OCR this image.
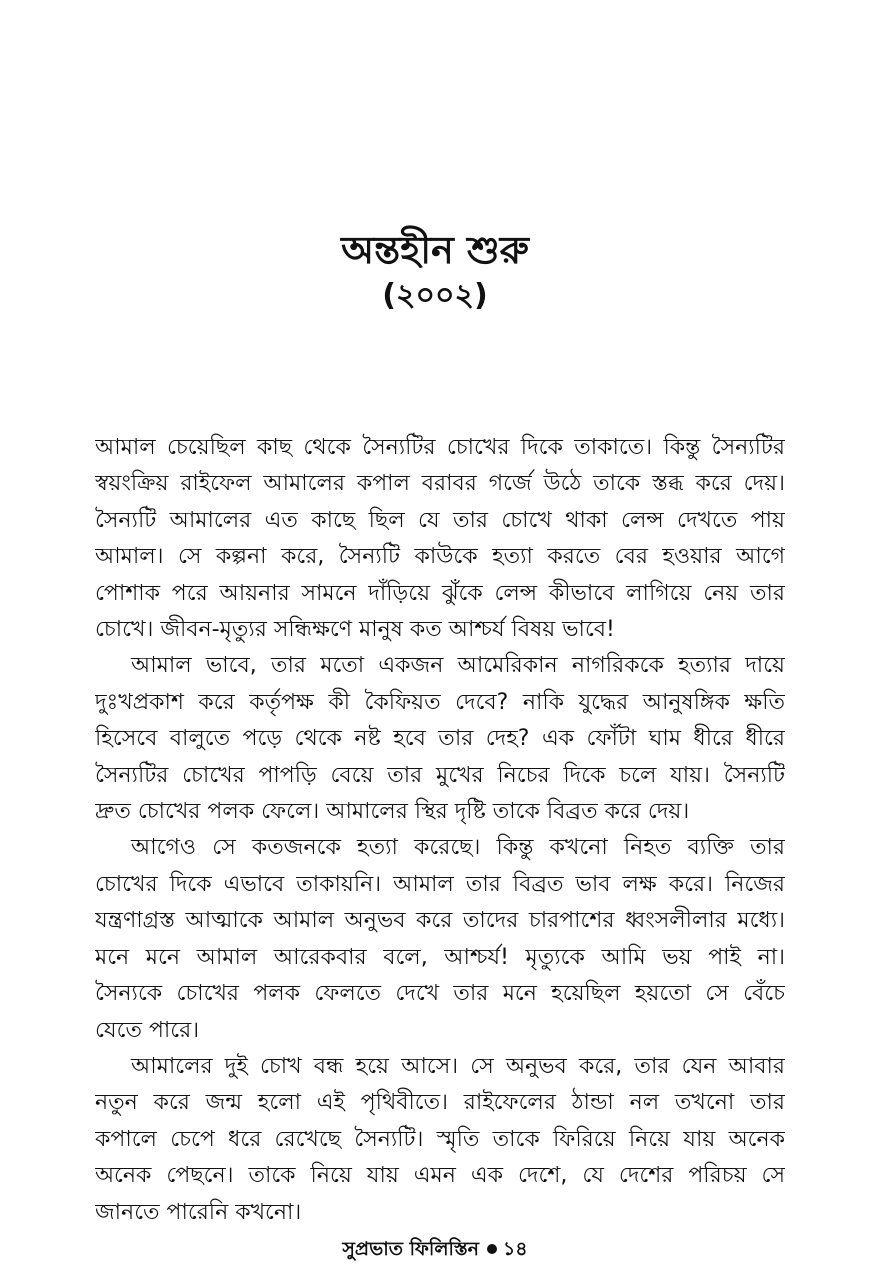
অন্তহীন শুরু
(২০০২)

আমাল চেয়েছিল কাছ থেকে সৈন্যটির চোখের দিকে তাকাতে। কিন্তু সৈন্যটির
স্বয়ংক্রিয় রাইফেল আমালের কপাল বরাবর গর্জে উঠে তাকে স্তব্ধ করে দেয়।
সৈন্যটি আমালের এত কাছে ছিল যে তার চোখে থাকা লেন্স দেখতে পায়
আমাল। সে কল্পনা করে, সৈন্যটি কাউকে হত্যা করতে বের হওয়ার আগে
পোশাক পরে আয়নার সামনে দাঁড়িয়ে ঝুঁকে লেন্স কীভাবে লাগিয়ে নেয় তার
চোখে। জীবন-মৃত্যুর সন্ধিক্ষণে মানুষ কত আশ্চর্য বিষয় ভাবে!

আমাল ভাবে, তার মতো একজন আমেরিকান নাগরিককে হত্যার দায়ে
দুঃখপ্রকাশ করে কর্তৃপক্ষ কী কৈফিয়ত দেবে? নাকি যুদ্ধের আনুষঙ্গিক ক্ষতি
হিসেবে বালুতে পড়ে থেকে নষ্ট হবে তার দেহ? এক ফোঁটা ঘাম ধীরে ধীরে
সৈন্যটির চোখের পাপড়ি বেয়ে তার মুখের নিচের দিকে চলে যায়। সৈন্যটি
দ্রুত চোখের পলক ফেলে। আমালের স্থির দৃষ্টি তাকে বিব্রত করে দেয়।

আগেও সে কতজনকে হত্যা করেছে। কিন্তু কখনো নিহত ব্যক্তি তার
চোখের দিকে এভাবে তাকায়নি। আমাল তার বিব্রত ভাব লক্ষ করে। নিজের
যন্ত্রণাগ্রস্ত আত্মাকে আমাল অনুভব করে তাদের চারপাশের ধ্বংসলীলার মধ্যে।
মনে মনে আমাল আরেকবার বলে, আশ্চর্য! মৃত্যুকে আমি ভয় পাই না।
সৈন্যকে চোখের পলক ফেলতে দেখে তার মনে হয়েছিল হয়তো সে বেঁচে
যেতে পারে।

আমালের দুই চোখ বন্ধ হয়ে আসে। সে অনুভব করে, তার যেন আবার
নতুন করে জন্ম হলো এই পৃথিবীতে। রাইফেলের ঠান্ডা নল তখনো তার
কপালে চেপে ধরে রেখেছে সৈন্যটি। স্মৃতি তাকে ফিরিয়ে নিয়ে যায় অনেক
অনেক পেছনে। তাকে নিয়ে যায় এমন এক দেশে, যে দেশের পরিচয় সে
জানতে পারেনি কখনো।

সুপ্রভাত ফিলিস্তিন ১৪
